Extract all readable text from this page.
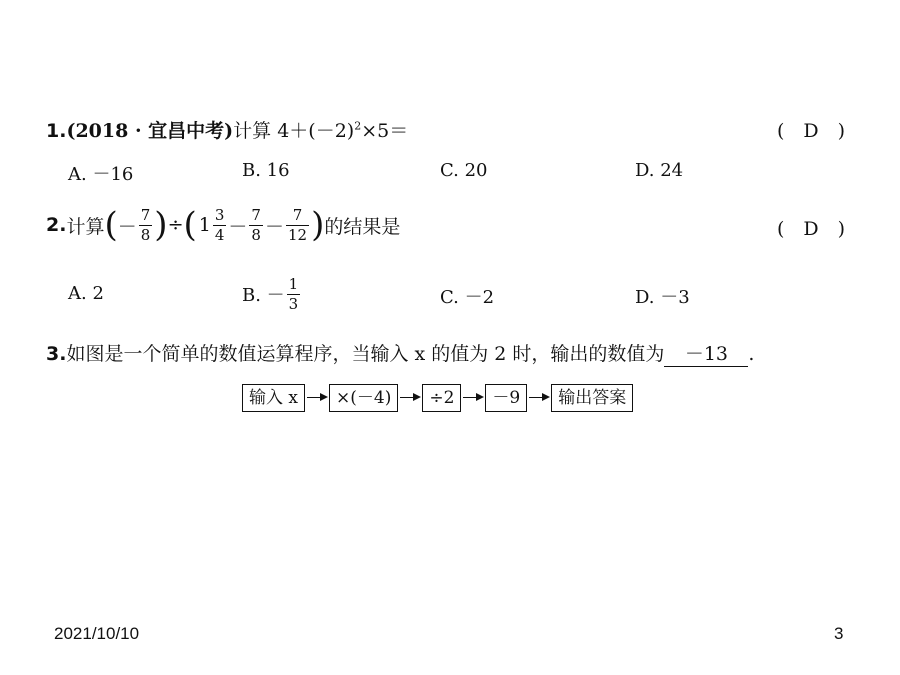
1.(2018 · 宜昌中考)计算 $4+(-2)^2\times 5=$	(　D　)
A. －16	B. 16	C. 20	D. 24
2. 计算 ( － $\frac{7}{8}$ ) ÷ ( $1 \frac{3}{4} - \frac{7}{8} - \frac{7}{12}$ ) 的结果是	(　D　)
A. 2	B. － $\frac{1}{3}$	C. －2	D. －3
3.如图是一个简单的数值运算程序，当输入 x 的值为 2 时，输出的数值为 －13 .
输入 x	×(－4)	÷2	－9	输出答案
2021/10/10	3
